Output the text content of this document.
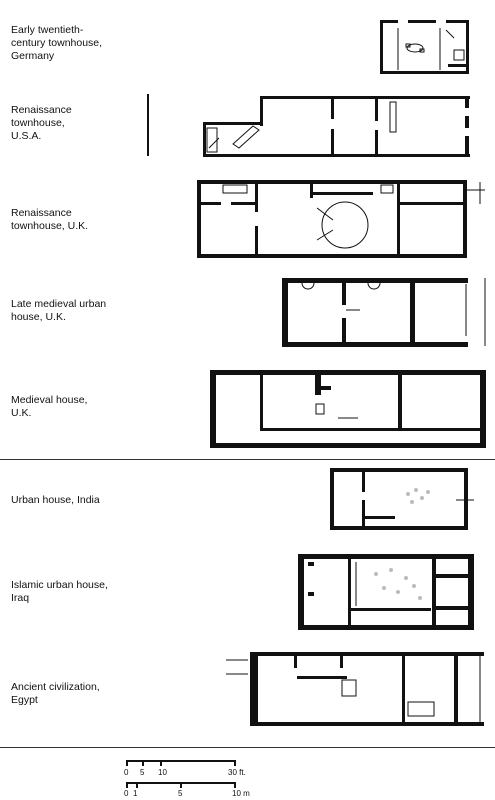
Early twentieth-
century townhouse,
Germany
Renaissance
townhouse,
U.S.A.
Renaissance
townhouse, U.K.
Late medieval urban
house, U.K.
Medieval house,
U.K.
Urban house, India
Islamic urban house,
Iraq
Ancient civilization,
Egypt
0 5 10	30 ft.
0 1	5	10 m
